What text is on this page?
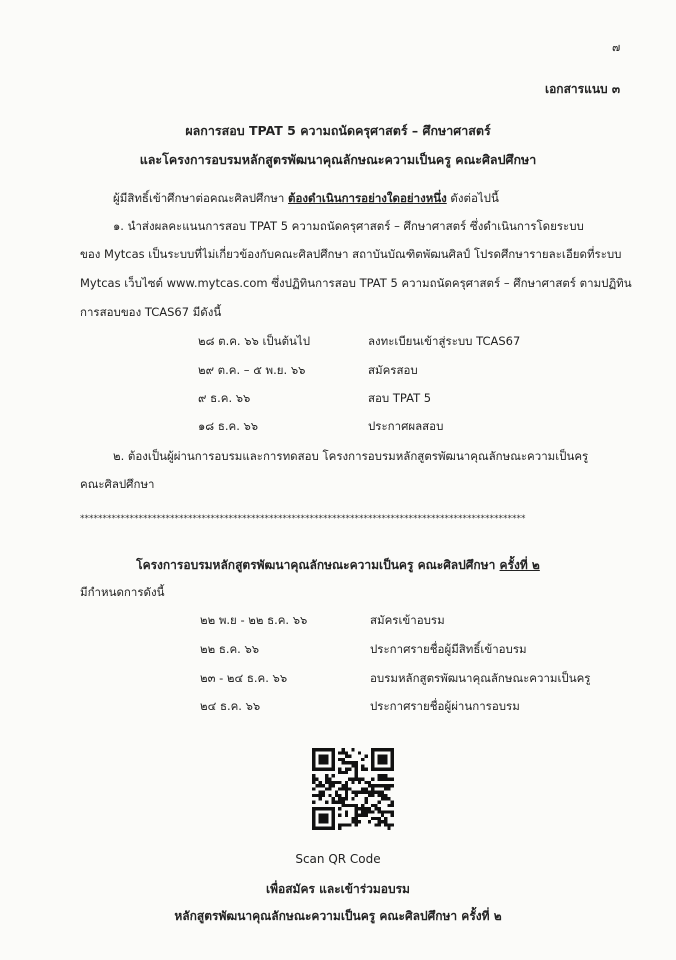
๗
เอกสารแนบ ๓
ผลการสอบ TPAT 5 ความถนัดครุศาสตร์ – ศึกษาศาสตร์
และโครงการอบรมหลักสูตรพัฒนาคุณลักษณะความเป็นครู คณะศิลปศึกษา
ผู้มีสิทธิ์เข้าศึกษาต่อคณะศิลปศึกษา ต้องดำเนินการอย่างใดอย่างหนึ่ง ดังต่อไปนี้
๑. นำส่งผลคะแนนการสอบ TPAT 5 ความถนัดครุศาสตร์ – ศึกษาศาสตร์ ซึ่งดำเนินการโดยระบบ
ของ Mytcas เป็นระบบที่ไม่เกี่ยวข้องกับคณะศิลปศึกษา สถาบันบัณฑิตพัฒนศิลป์ โปรดศึกษารายละเอียดที่ระบบ
Mytcas เว็บไซต์ www.mytcas.com ซึ่งปฏิทินการสอบ TPAT 5 ความถนัดครุศาสตร์ – ศึกษาศาสตร์ ตามปฏิทิน
การสอบของ TCAS67 มีดังนี้
๒๘ ต.ค. ๖๖ เป็นต้นไป	ลงทะเบียนเข้าสู่ระบบ TCAS67
๒๙ ต.ค. – ๕ พ.ย. ๖๖	สมัครสอบ
๙ ธ.ค. ๖๖	สอบ TPAT 5
๑๘ ธ.ค. ๖๖	ประกาศผลสอบ
๒. ต้องเป็นผู้ผ่านการอบรมและการทดสอบ โครงการอบรมหลักสูตรพัฒนาคุณลักษณะความเป็นครู
คณะศิลปศึกษา
***************************************************************************************************
โครงการอบรมหลักสูตรพัฒนาคุณลักษณะความเป็นครู คณะศิลปศึกษา ครั้งที่ ๒
มีกำหนดการดังนี้
๒๒ พ.ย - ๒๒ ธ.ค. ๖๖	สมัครเข้าอบรม
๒๒ ธ.ค. ๖๖	ประกาศรายชื่อผู้มีสิทธิ์เข้าอบรม
๒๓ - ๒๔ ธ.ค. ๖๖	อบรมหลักสูตรพัฒนาคุณลักษณะความเป็นครู
๒๔ ธ.ค. ๖๖	ประกาศรายชื่อผู้ผ่านการอบรม
Scan QR Code
เพื่อสมัคร และเข้าร่วมอบรม
หลักสูตรพัฒนาคุณลักษณะความเป็นครู คณะศิลปศึกษา ครั้งที่ ๒
